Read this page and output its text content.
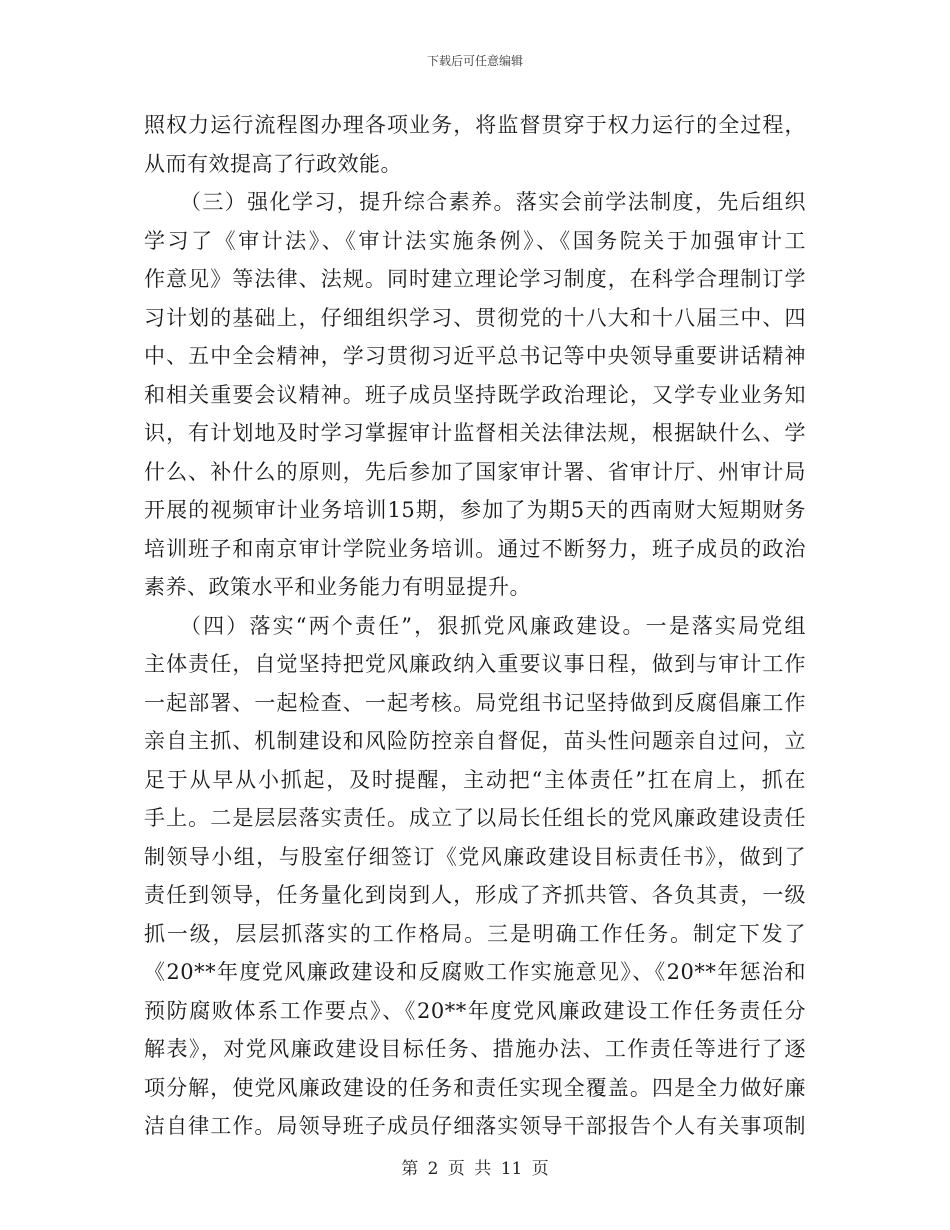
下载后可任意编辑
照权力运行流程图办理各项业务，将监督贯穿于权力运行的全过程，
从而有效提高了行政效能。
（三）强化学习，提升综合素养。落实会前学法制度，先后组织
学习了《审计法》、《审计法实施条例》、《国务院关于加强审计工
作意见》等法律、法规。同时建立理论学习制度，在科学合理制订学
习计划的基础上，仔细组织学习、贯彻党的十八大和十八届三中、四
中、五中全会精神，学习贯彻习近平总书记等中央领导重要讲话精神
和相关重要会议精神。班子成员坚持既学政治理论，又学专业业务知
识，有计划地及时学习掌握审计监督相关法律法规，根据缺什么、学
什么、补什么的原则，先后参加了国家审计署、省审计厅、州审计局
开展的视频审计业务培训15期，参加了为期5天的西南财大短期财务
培训班子和南京审计学院业务培训。通过不断努力，班子成员的政治
素养、政策水平和业务能力有明显提升。
（四）落实“两个责任”，狠抓党风廉政建设。一是落实局党组
主体责任，自觉坚持把党风廉政纳入重要议事日程，做到与审计工作
一起部署、一起检查、一起考核。局党组书记坚持做到反腐倡廉工作
亲自主抓、机制建设和风险防控亲自督促，苗头性问题亲自过问，立
足于从早从小抓起，及时提醒，主动把“主体责任”扛在肩上，抓在
手上。二是层层落实责任。成立了以局长任组长的党风廉政建设责任
制领导小组，与股室仔细签订《党风廉政建设目标责任书》，做到了
责任到领导，任务量化到岗到人，形成了齐抓共管、各负其责，一级
抓一级，层层抓落实的工作格局。三是明确工作任务。制定下发了
《20**年度党风廉政建设和反腐败工作实施意见》、《20**年惩治和
预防腐败体系工作要点》、《20**年度党风廉政建设工作任务责任分
解表》，对党风廉政建设目标任务、措施办法、工作责任等进行了逐
项分解，使党风廉政建设的任务和责任实现全覆盖。四是全力做好廉
洁自律工作。局领导班子成员仔细落实领导干部报告个人有关事项制
第 2 页 共 11 页
